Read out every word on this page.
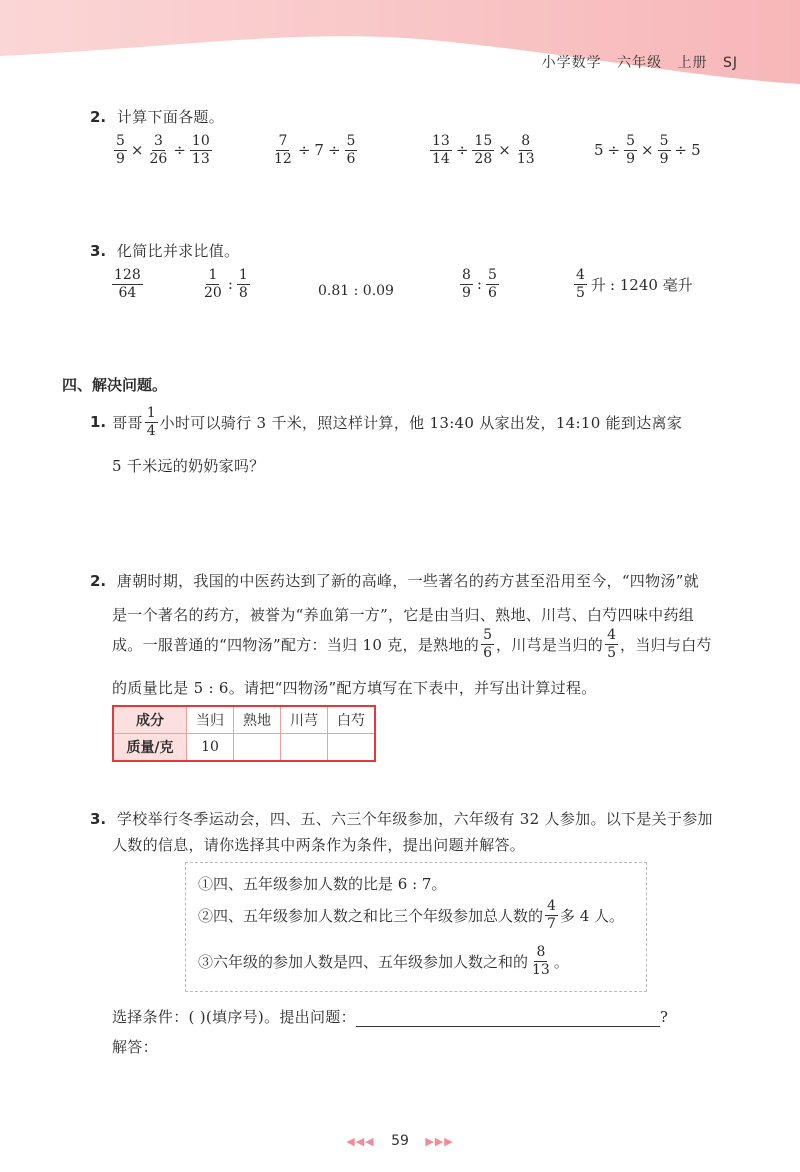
小学数学 六年级 上册 SJ
2. 计算下面各题。
$\frac{5}{9} \times \frac{3}{26} \div \frac{10}{13}$	$\frac{7}{12} \div 7 \div \frac{5}{6}$	$\frac{13}{14} \div \frac{15}{28} \times \frac{8}{13}$	$5 \div \frac{5}{9} \times \frac{5}{9} \div 5$
3. 化简比并求比值。
$\frac{128}{64}$	$\frac{1}{20}$ : $\frac{1}{8}$	0.81 : 0.09	$\frac{8}{9}$ : $\frac{5}{6}$	$\frac{4}{5}$ 升 : 1240 毫升
四、解决问题。
1. 哥哥 $\frac{1}{4}$ 小时可以骑行 3 千米，照这样计算，他 13:40 从家出发，14:10 能到达离家
5 千米远的奶奶家吗？
2. 唐朝时期，我国的中医药达到了新的高峰，一些著名的药方甚至沿用至今，“四物汤”就
是一个著名的药方，被誉为“养血第一方”，它是由当归、熟地、川芎、白芍四味中药组
成。一服普通的“四物汤”配方：当归 10 克，是熟地的 $\frac{5}{6}$ ，川芎是当归的 $\frac{4}{5}$ ，当归与白芍
的质量比是 5 : 6。请把“四物汤”配方填写在下表中，并写出计算过程。
成分	当归	熟地	川芎	白芍
质量/克	10			
3. 学校举行冬季运动会，四、五、六三个年级参加，六年级有 32 人参加。以下是关于参加
人数的信息，请你选择其中两条作为条件，提出问题并解答。
①四、五年级参加人数的比是 6 : 7。
②四、五年级参加人数之和比三个年级参加总人数的 $\frac{4}{7}$ 多 4 人。
③六年级的参加人数是四、五年级参加人数之和的 $\frac{8}{13}$ 。
选择条件：( )(填序号)。提出问题：	?
解答：
◀◀◀ 59 ▶▶▶
